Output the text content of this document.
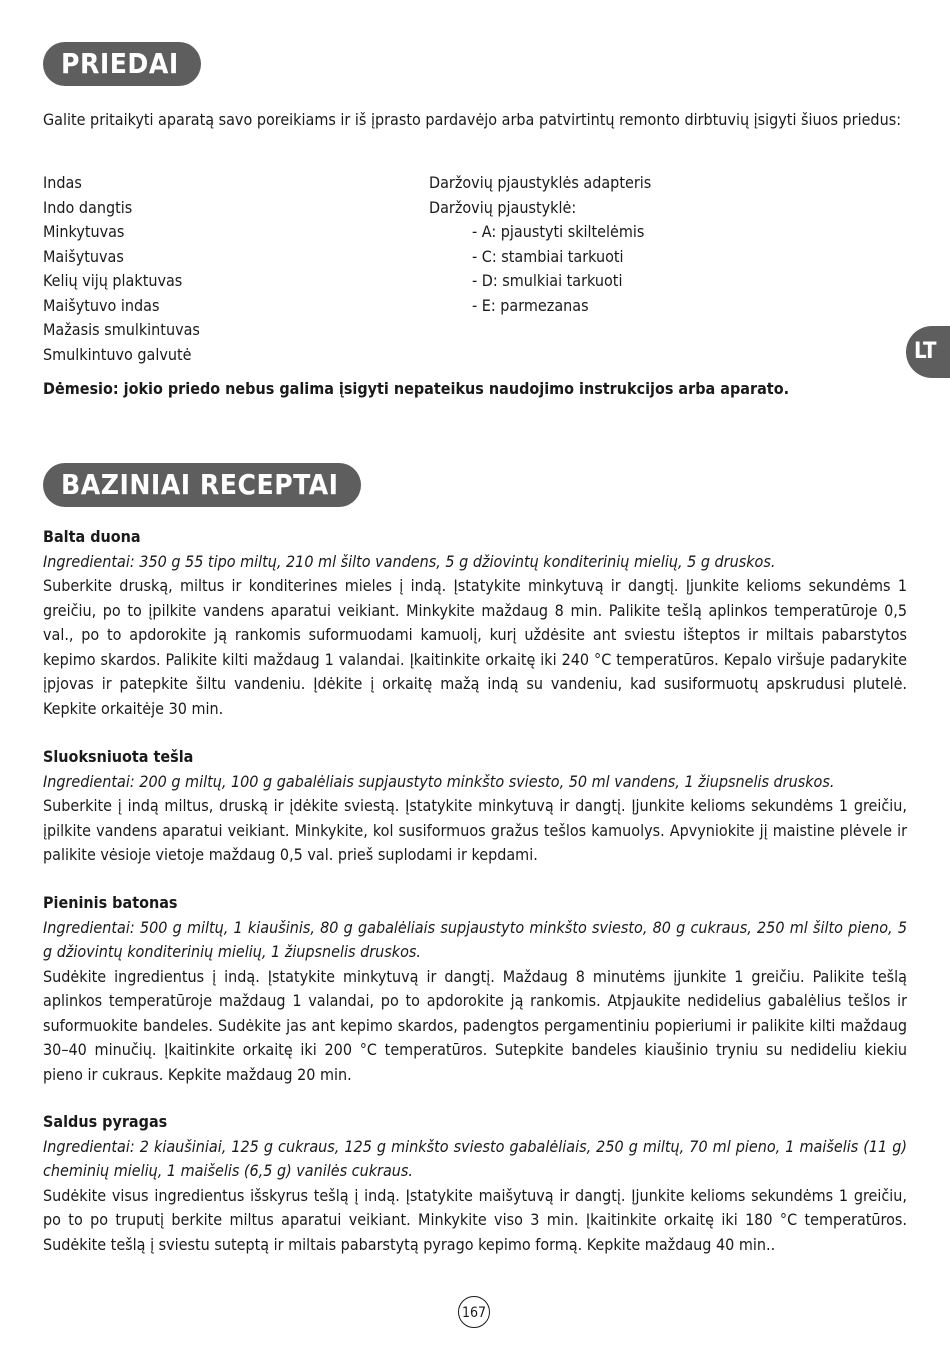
PRIEDAI
Galite pritaikyti aparatą savo poreikiams ir iš įprasto pardavėjo arba patvirtintų remonto dirbtuvių įsigyti šiuos priedus:
Indas
Indo dangtis
Minkytuvas
Maišytuvas
Kelių vijų plaktuvas
Maišytuvo indas
Mažasis smulkintuvas
Smulkintuvo galvutė
Daržovių pjaustyklės adapteris
Daržovių pjaustyklė:
- A: pjaustyti skiltelėmis
- C: stambiai tarkuoti
- D: smulkiai tarkuoti
- E: parmezanas
Dėmesio: jokio priedo nebus galima įsigyti nepateikus naudojimo instrukcijos arba aparato.
LT
BAZINIAI RECEPTAI
Balta duona
Ingredientai: 350 g 55 tipo miltų, 210 ml šilto vandens, 5 g džiovintų konditerinių mielių, 5 g druskos.
Suberkite druską, miltus ir konditerines mieles į indą. Įstatykite minkytuvą ir dangtį. Įjunkite kelioms sekundėms 1 greičiu, po to įpilkite vandens aparatui veikiant. Minkykite maždaug 8 min. Palikite tešlą aplinkos temperatūroje 0,5 val., po to apdorokite ją rankomis suformuodami kamuolį, kurį uždėsite ant sviestu išteptos ir miltais pabarstytos kepimo skardos. Palikite kilti maždaug 1 valandai. Įkaitinkite orkaitę iki 240 °C temperatūros. Kepalo viršuje padarykite įpjovas ir patepkite šiltu vandeniu. Įdėkite į orkaitę mažą indą su vandeniu, kad susiformuotų apskrudusi plutelė. Kepkite orkaitėje 30 min.
Sluoksniuota tešla
Ingredientai: 200 g miltų, 100 g gabalėliais supjaustyto minkšto sviesto, 50 ml vandens, 1 žiupsnelis druskos.
Suberkite į indą miltus, druską ir įdėkite sviestą. Įstatykite minkytuvą ir dangtį. Įjunkite kelioms sekundėms 1 greičiu, įpilkite vandens aparatui veikiant. Minkykite, kol susiformuos gražus tešlos kamuolys. Apvyniokite jį maistine plėvele ir palikite vėsioje vietoje maždaug 0,5 val. prieš suplodami ir kepdami.
Pieninis batonas
Ingredientai: 500 g miltų, 1 kiaušinis, 80 g gabalėliais supjaustyto minkšto sviesto, 80 g cukraus, 250 ml šilto pieno, 5 g džiovintų konditerinių mielių, 1 žiupsnelis druskos.
Sudėkite ingredientus į indą. Įstatykite minkytuvą ir dangtį. Maždaug 8 minutėms įjunkite 1 greičiu. Palikite tešlą aplinkos temperatūroje maždaug 1 valandai, po to apdorokite ją rankomis. Atpjaukite nedidelius gabalėlius tešlos ir suformuokite bandeles. Sudėkite jas ant kepimo skardos, padengtos pergamentiniu popieriumi ir palikite kilti maždaug 30–40 minučių. Įkaitinkite orkaitę iki 200 °C temperatūros. Sutepkite bandeles kiaušinio tryniu su nedideliu kiekiu pieno ir cukraus. Kepkite maždaug 20 min.
Saldus pyragas
Ingredientai: 2 kiaušiniai, 125 g cukraus, 125 g minkšto sviesto gabalėliais, 250 g miltų, 70 ml pieno, 1 maišelis (11 g) cheminių mielių, 1 maišelis (6,5 g) vanilės cukraus.
Sudėkite visus ingredientus išskyrus tešlą į indą. Įstatykite maišytuvą ir dangtį. Įjunkite kelioms sekundėms 1 greičiu, po to po truputį berkite miltus aparatui veikiant. Minkykite viso 3 min. Įkaitinkite orkaitę iki 180 °C temperatūros. Sudėkite tešlą į sviestu suteptą ir miltais pabarstytą pyrago kepimo formą. Kepkite maždaug 40 min..
167
